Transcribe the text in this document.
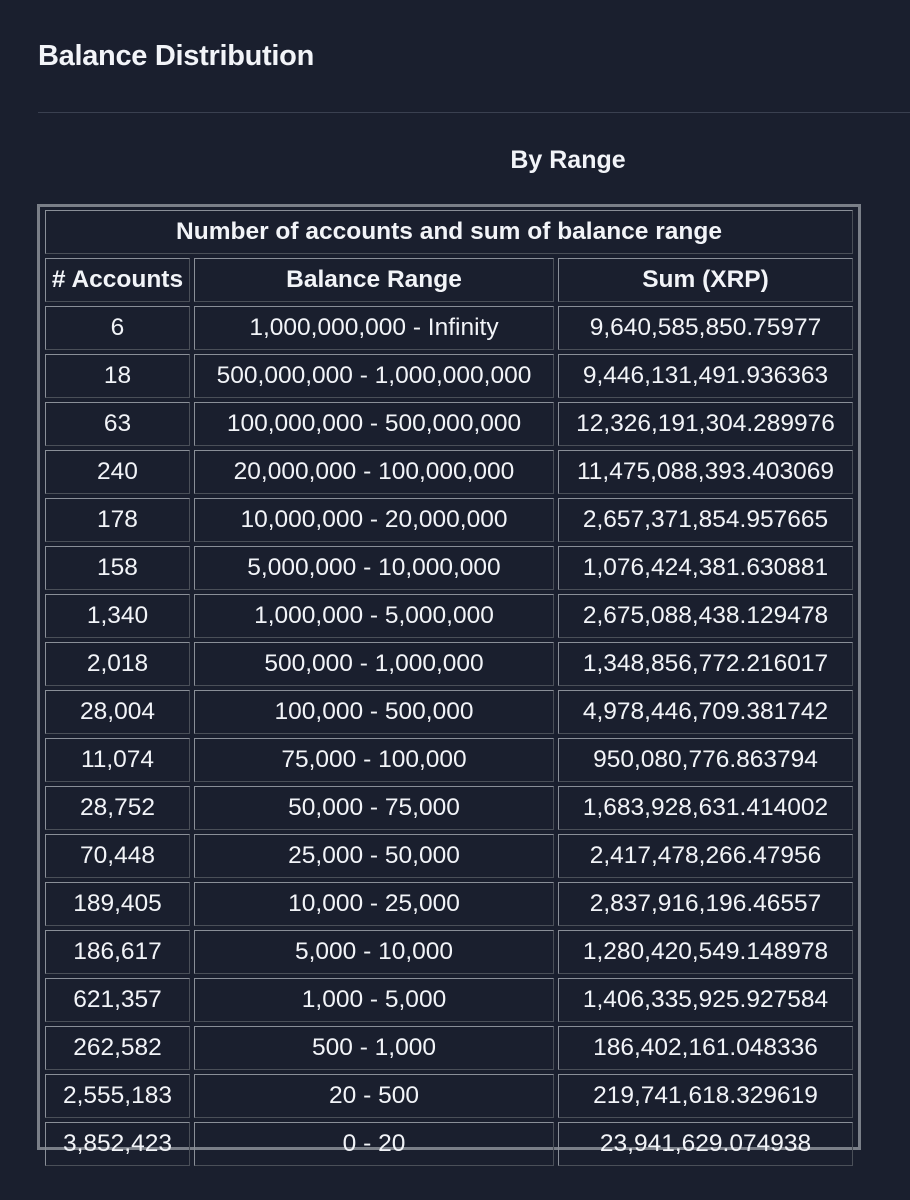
Balance Distribution
By Range
Number of accounts and sum of balance range		
# Accounts	Balance Range	Sum (XRP)
6	1,000,000,000 - Infinity	9,640,585,850.75977
18	500,000,000 - 1,000,000,000	9,446,131,491.936363
63	100,000,000 - 500,000,000	12,326,191,304.289976
240	20,000,000 - 100,000,000	11,475,088,393.403069
178	10,000,000 - 20,000,000	2,657,371,854.957665
158	5,000,000 - 10,000,000	1,076,424,381.630881
1,340	1,000,000 - 5,000,000	2,675,088,438.129478
2,018	500,000 - 1,000,000	1,348,856,772.216017
28,004	100,000 - 500,000	4,978,446,709.381742
11,074	75,000 - 100,000	950,080,776.863794
28,752	50,000 - 75,000	1,683,928,631.414002
70,448	25,000 - 50,000	2,417,478,266.47956
189,405	10,000 - 25,000	2,837,916,196.46557
186,617	5,000 - 10,000	1,280,420,549.148978
621,357	1,000 - 5,000	1,406,335,925.927584
262,582	500 - 1,000	186,402,161.048336
2,555,183	20 - 500	219,741,618.329619
3,852,423	0 - 20	23,941,629.074938
